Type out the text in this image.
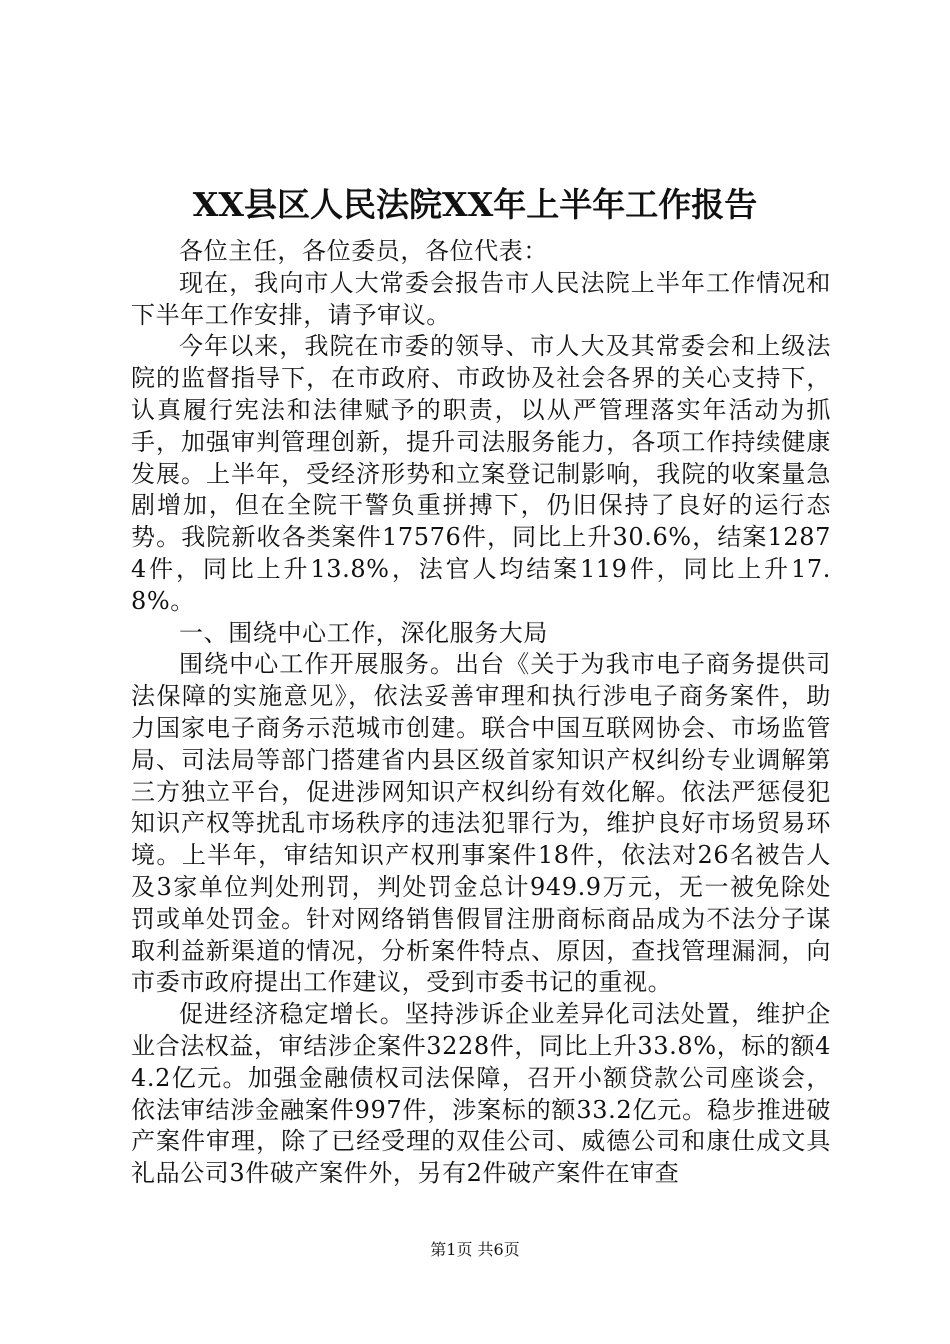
XX县区人民法院XX年上半年工作报告

各位主任，各位委员，各位代表：

现在，我向市人大常委会报告市人民法院上半年工作情况和下半年工作安排，请予审议。

今年以来，我院在市委的领导、市人大及其常委会和上级法院的监督指导下，在市政府、市政协及社会各界的关心支持下，认真履行宪法和法律赋予的职责，以从严管理落实年活动为抓手，加强审判管理创新，提升司法服务能力，各项工作持续健康发展。上半年，受经济形势和立案登记制影响，我院的收案量急剧增加，但在全院干警负重拼搏下，仍旧保持了良好的运行态势。我院新收各类案件17576件，同比上升30.6%，结案12874件，同比上升13.8%，法官人均结案119件，同比上升17.8%。

一、围绕中心工作，深化服务大局

围绕中心工作开展服务。出台《关于为我市电子商务提供司法保障的实施意见》，依法妥善审理和执行涉电子商务案件，助力国家电子商务示范城市创建。联合中国互联网协会、市场监管局、司法局等部门搭建省内县区级首家知识产权纠纷专业调解第三方独立平台，促进涉网知识产权纠纷有效化解。依法严惩侵犯知识产权等扰乱市场秩序的违法犯罪行为，维护良好市场贸易环境。上半年，审结知识产权刑事案件18件，依法对26名被告人及3家单位判处刑罚，判处罚金总计949.9万元，无一被免除处罚或单处罚金。针对网络销售假冒注册商标商品成为不法分子谋取利益新渠道的情况，分析案件特点、原因，查找管理漏洞，向市委市政府提出工作建议，受到市委书记的重视。

促进经济稳定增长。坚持涉诉企业差异化司法处置，维护企业合法权益，审结涉企案件3228件，同比上升33.8%，标的额44.2亿元。加强金融债权司法保障，召开小额贷款公司座谈会，依法审结涉金融案件997件，涉案标的额33.2亿元。稳步推进破产案件审理，除了已经受理的双佳公司、威德公司和康仕成文具礼品公司3件破产案件外，另有2件破产案件在审查

第1页 共6页
